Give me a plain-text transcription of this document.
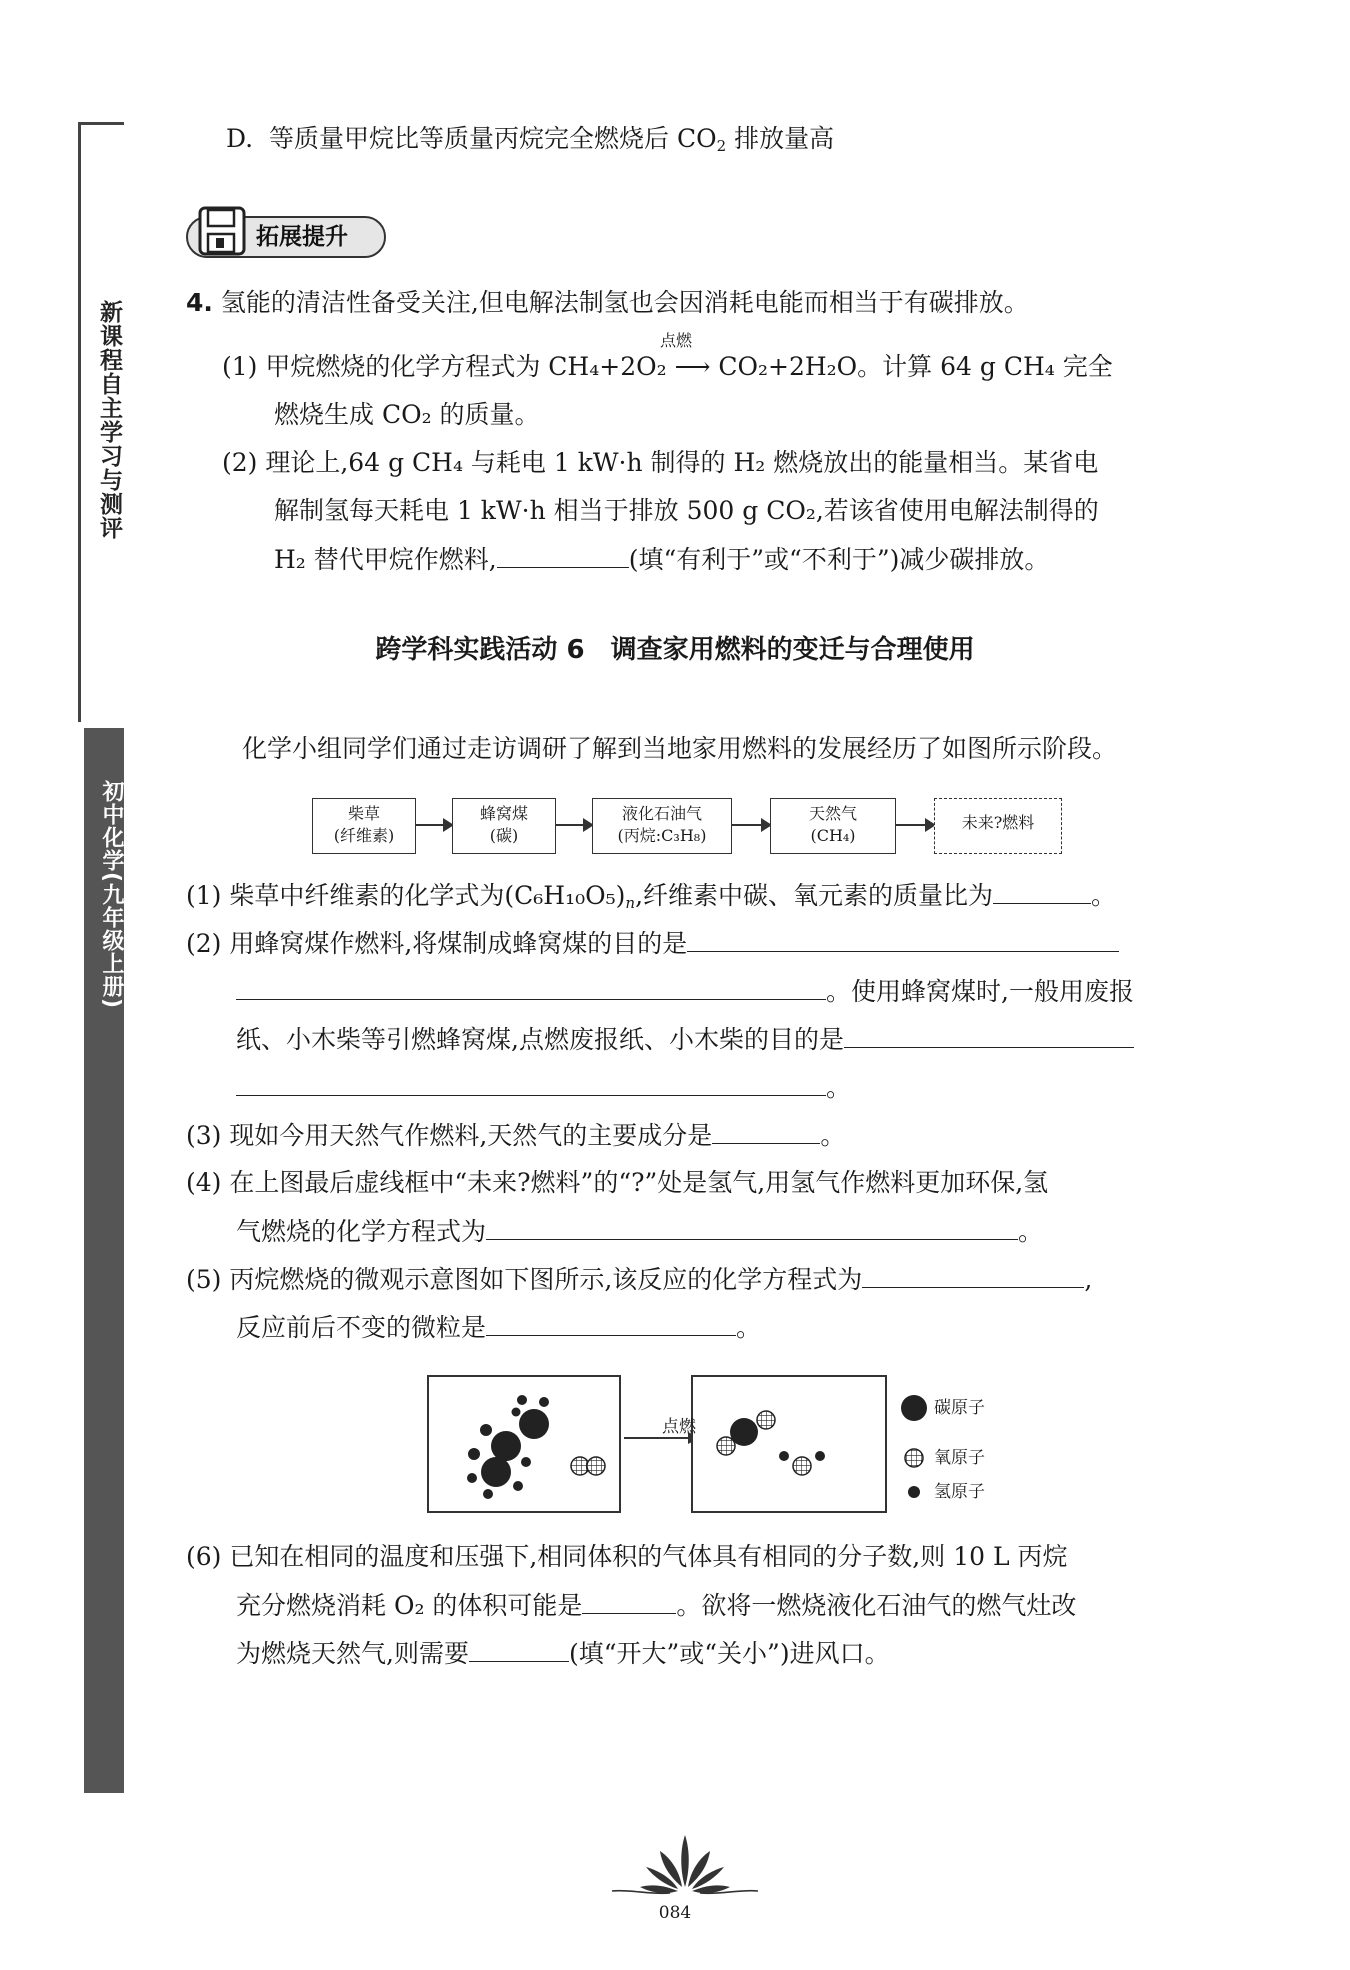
新课程自主学习与测评
初中化学(九年级上册)
D. 等质量甲烷比等质量丙烷完全燃烧后 $CO_2$ 排放量高
拓展提升
4. 氢能的清洁性备受关注,但电解法制氢也会因消耗电能而相当于有碳排放。
点燃
(1) 甲烷燃烧的化学方程式为 CH₄+2O₂ ⟶ CO₂+2H₂O。计算 64 g CH₄ 完全
燃烧生成 CO₂ 的质量。
(2) 理论上,64 g CH₄ 与耗电 1 kW·h 制得的 H₂ 燃烧放出的能量相当。某省电
解制氢每天耗电 1 kW·h 相当于排放 500 g CO₂,若该省使用电解法制得的
H₂ 替代甲烷作燃料,	(填“有利于”或“不利于”)减少碳排放。
跨学科实践活动 6　调查家用燃料的变迁与合理使用
化学小组同学们通过走访调研了解到当地家用燃料的发展经历了如图所示阶段。
柴草
(纤维素)
蜂窝煤
(碳)
液化石油气
(丙烷:C₃H₈)
天然气
(CH₄)
未来?燃料
(1) 柴草中纤维素的化学式为$(C_6H_{10}O_5)_n$,纤维素中碳、氧元素的质量比为	。
(2) 用蜂窝煤作燃料,将煤制成蜂窝煤的目的是
。使用蜂窝煤时,一般用废报
纸、小木柴等引燃蜂窝煤,点燃废报纸、小木柴的目的是
。
(3) 现如今用天然气作燃料,天然气的主要成分是	。
(4) 在上图最后虚线框中“未来?燃料”的“?”处是氢气,用氢气作燃料更加环保,氢
气燃烧的化学方程式为	。
(5) 丙烷燃烧的微观示意图如下图所示,该反应的化学方程式为	,
反应前后不变的微粒是	。
点燃
碳原子
氧原子
氢原子
(6) 已知在相同的温度和压强下,相同体积的气体具有相同的分子数,则 10 L 丙烷
充分燃烧消耗 O₂ 的体积可能是	。欲将一燃烧液化石油气的燃气灶改
为燃烧天然气,则需要	(填“开大”或“关小”)进风口。
084
